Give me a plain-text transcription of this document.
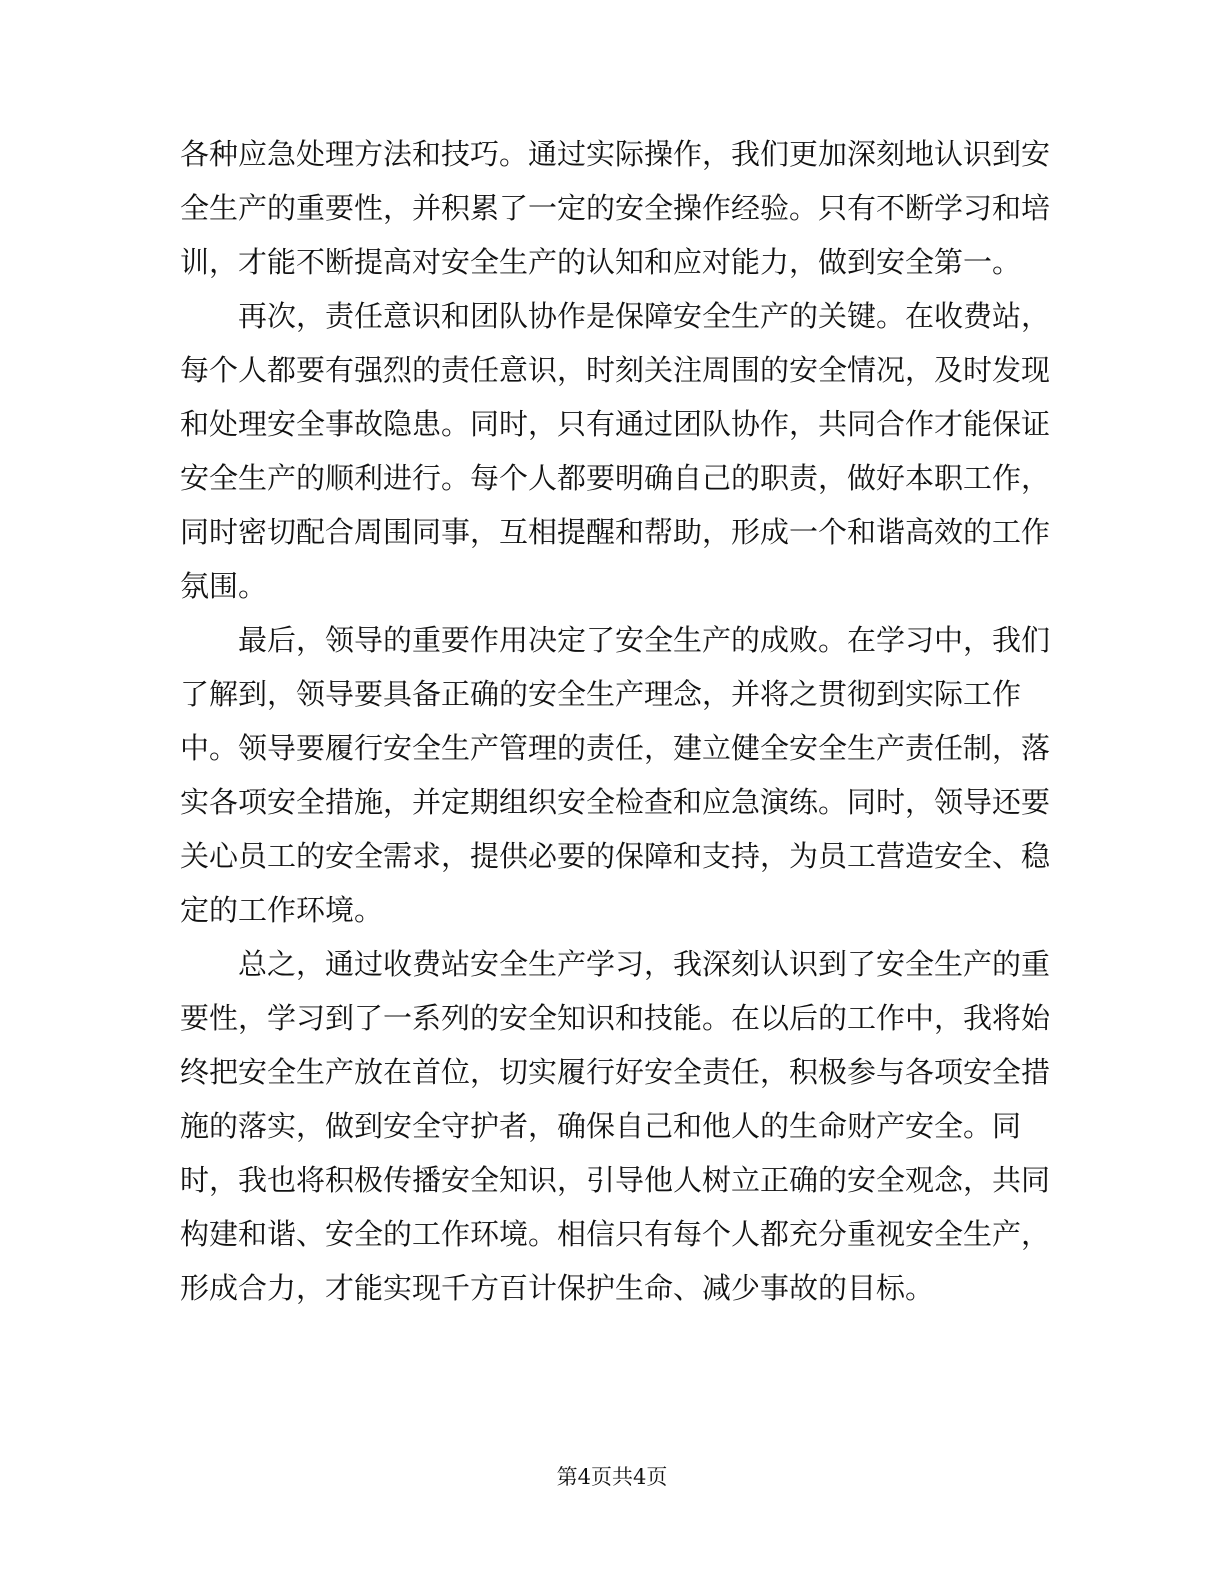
各种应急处理方法和技巧。通过实际操作，我们更加深刻地认识到安
全生产的重要性，并积累了一定的安全操作经验。只有不断学习和培
训，才能不断提高对安全生产的认知和应对能力，做到安全第一。
再次，责任意识和团队协作是保障安全生产的关键。在收费站，
每个人都要有强烈的责任意识，时刻关注周围的安全情况，及时发现
和处理安全事故隐患。同时，只有通过团队协作，共同合作才能保证
安全生产的顺利进行。每个人都要明确自己的职责，做好本职工作，
同时密切配合周围同事，互相提醒和帮助，形成一个和谐高效的工作
氛围。
最后，领导的重要作用决定了安全生产的成败。在学习中，我们
了解到，领导要具备正确的安全生产理念，并将之贯彻到实际工作
中。领导要履行安全生产管理的责任，建立健全安全生产责任制，落
实各项安全措施，并定期组织安全检查和应急演练。同时，领导还要
关心员工的安全需求，提供必要的保障和支持，为员工营造安全、稳
定的工作环境。
总之，通过收费站安全生产学习，我深刻认识到了安全生产的重
要性，学习到了一系列的安全知识和技能。在以后的工作中，我将始
终把安全生产放在首位，切实履行好安全责任，积极参与各项安全措
施的落实，做到安全守护者，确保自己和他人的生命财产安全。同
时，我也将积极传播安全知识，引导他人树立正确的安全观念，共同
构建和谐、安全的工作环境。相信只有每个人都充分重视安全生产，
形成合力，才能实现千方百计保护生命、减少事故的目标。
第4页共4页
